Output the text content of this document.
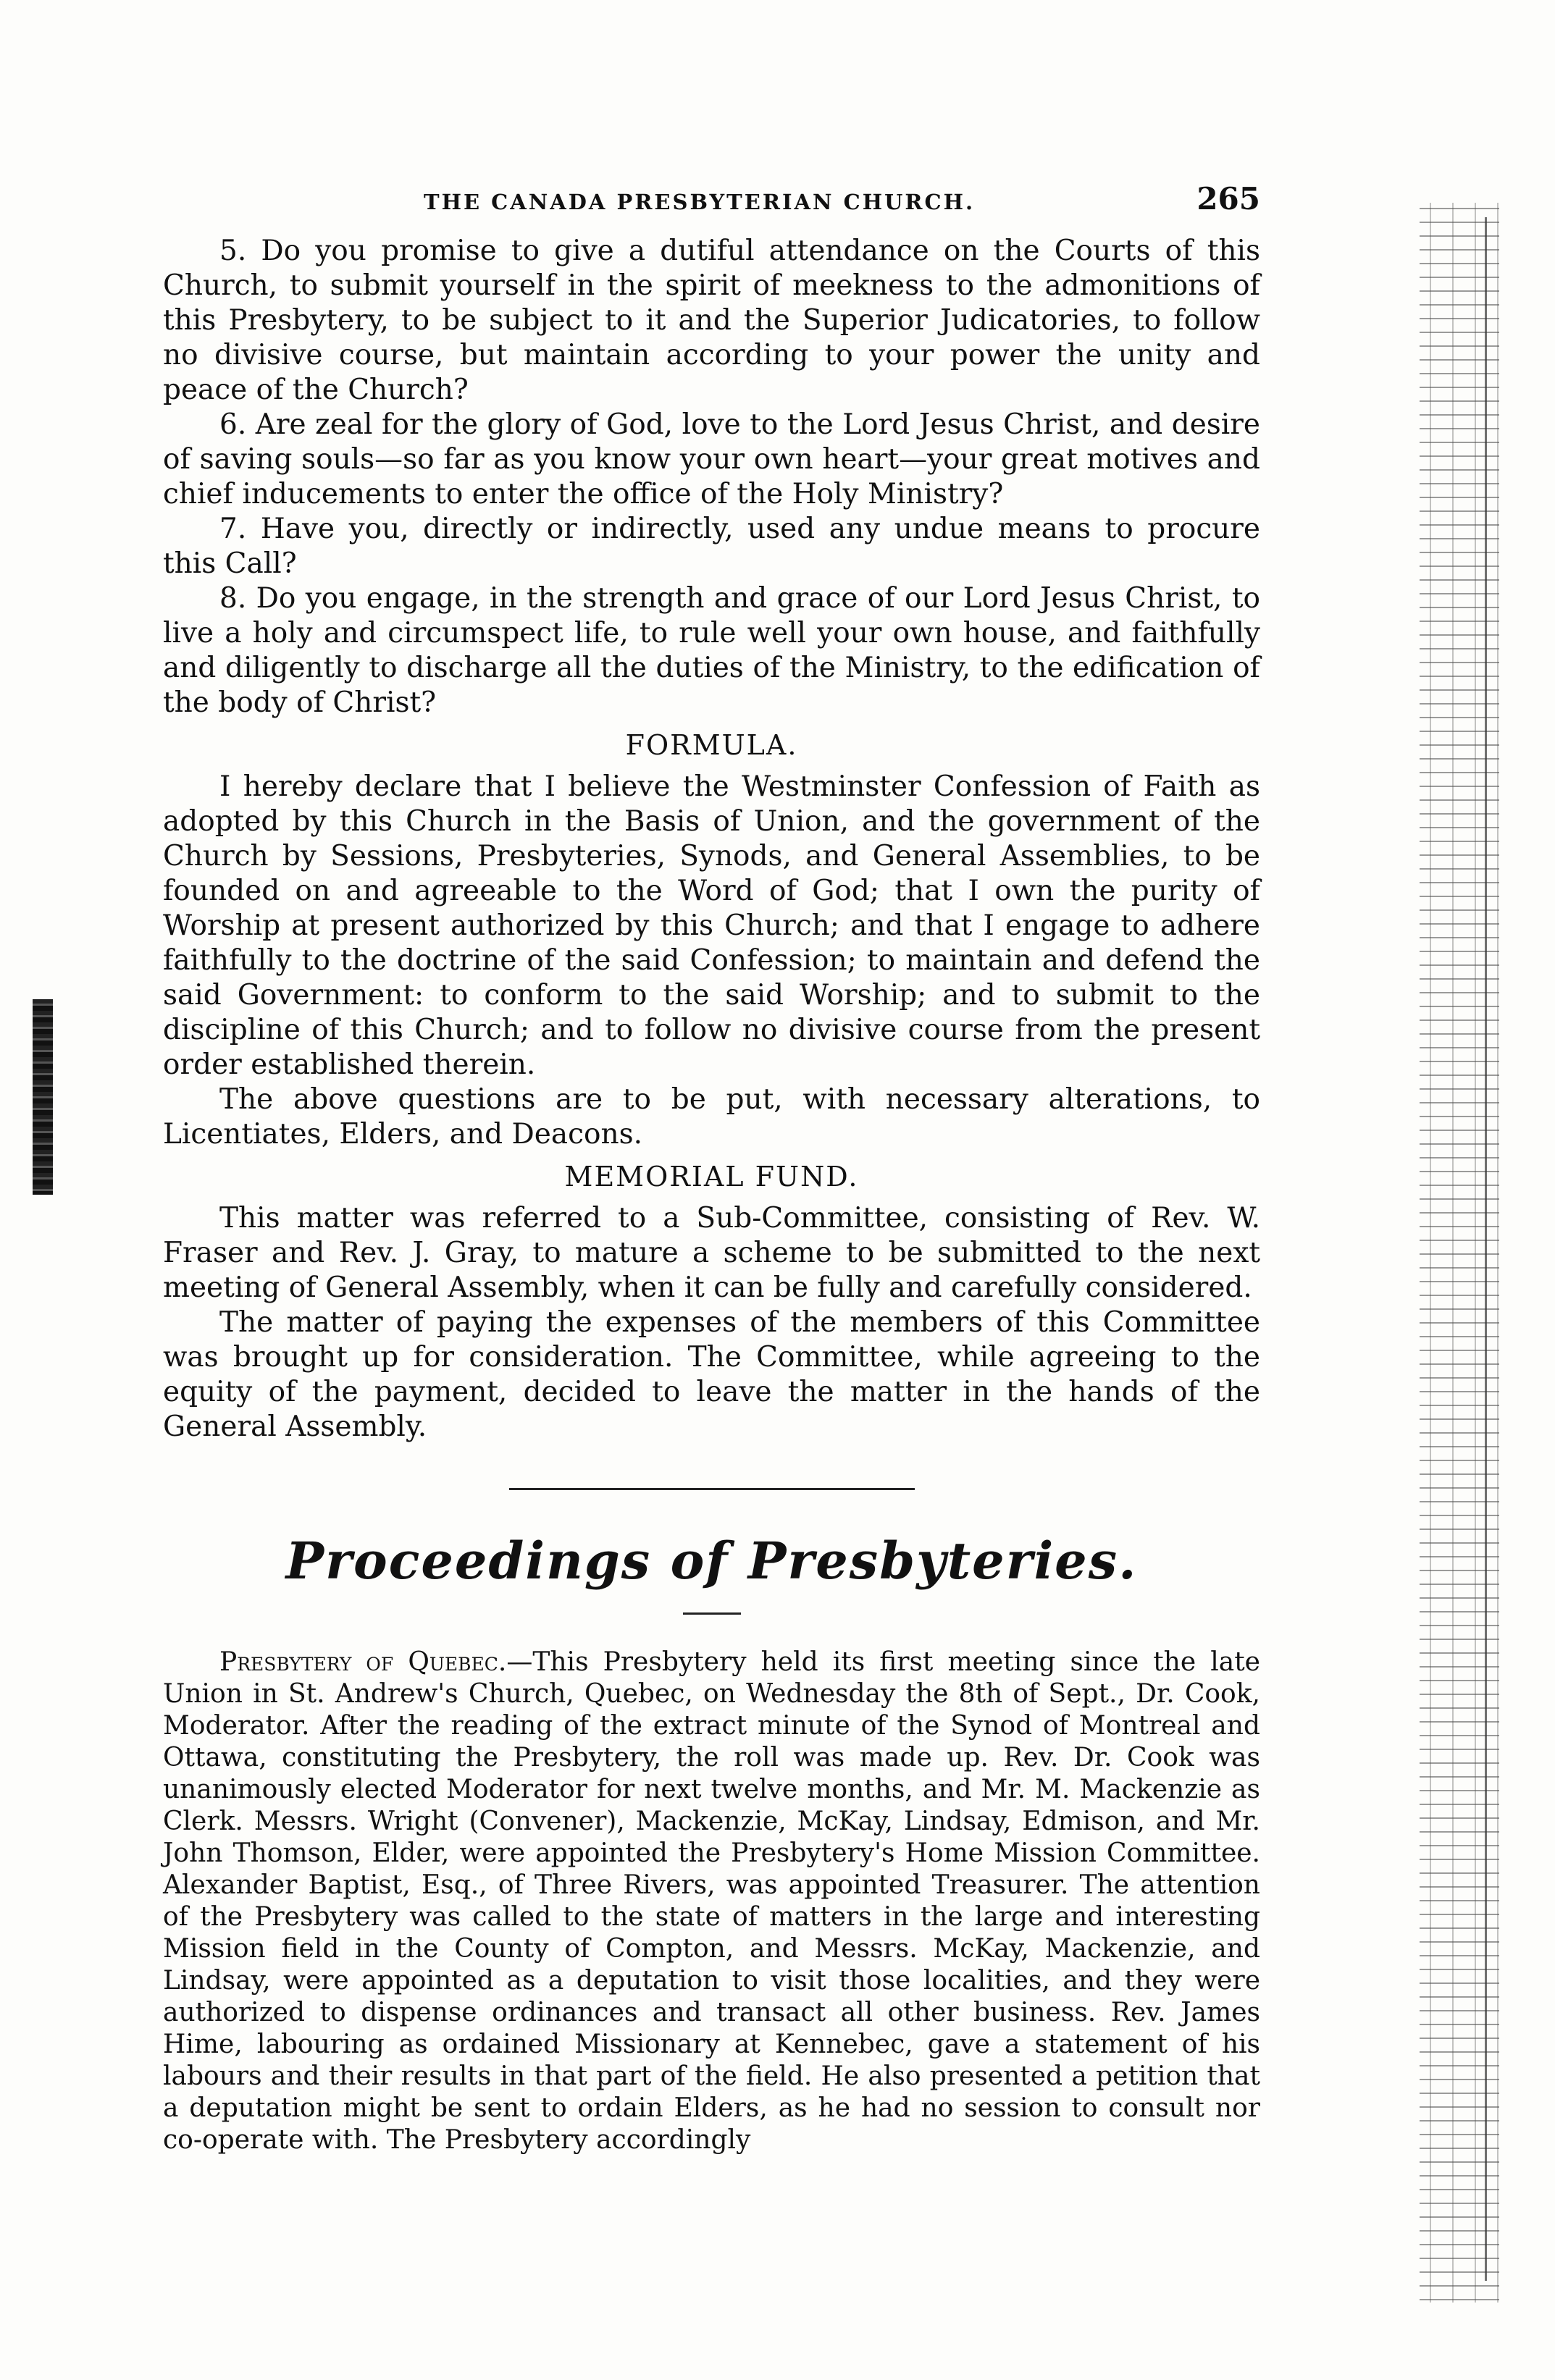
THE CANADA PRESBYTERIAN CHURCH.	265

5. Do you promise to give a dutiful attendance on the Courts of this Church, to submit yourself in the spirit of meekness to the admonitions of this Presbytery, to be subject to it and the Superior Judicatories, to follow no divisive course, but maintain according to your power the unity and peace of the Church?

6. Are zeal for the glory of God, love to the Lord Jesus Christ, and desire of saving souls—so far as you know your own heart—your great motives and chief inducements to enter the office of the Holy Ministry?

7. Have you, directly or indirectly, used any undue means to procure this Call?

8. Do you engage, in the strength and grace of our Lord Jesus Christ, to live a holy and circumspect life, to rule well your own house, and faithfully and diligently to discharge all the duties of the Ministry, to the edification of the body of Christ?

FORMULA.

I hereby declare that I believe the Westminster Confession of Faith as adopted by this Church in the Basis of Union, and the government of the Church by Sessions, Presbyteries, Synods, and General Assemblies, to be founded on and agreeable to the Word of God; that I own the purity of Worship at present authorized by this Church; and that I engage to adhere faithfully to the doctrine of the said Confession; to maintain and defend the said Government: to conform to the said Worship; and to submit to the discipline of this Church; and to follow no divisive course from the present order established therein.

The above questions are to be put, with necessary alterations, to Licentiates, Elders, and Deacons.

MEMORIAL FUND.

This matter was referred to a Sub-Committee, consisting of Rev. W. Fraser and Rev. J. Gray, to mature a scheme to be submitted to the next meeting of General Assembly, when it can be fully and carefully considered.

The matter of paying the expenses of the members of this Committee was brought up for consideration. The Committee, while agreeing to the equity of the payment, decided to leave the matter in the hands of the General Assembly.

Proceedings of Presbyteries.

Presbytery of Quebec.—This Presbytery held its first meeting since the late Union in St. Andrew's Church, Quebec, on Wednesday the 8th of Sept., Dr. Cook, Moderator. After the reading of the extract minute of the Synod of Montreal and Ottawa, constituting the Presbytery, the roll was made up. Rev. Dr. Cook was unanimously elected Moderator for next twelve months, and Mr. M. Mackenzie as Clerk. Messrs. Wright (Convener), Mackenzie, McKay, Lindsay, Edmison, and Mr. John Thomson, Elder, were appointed the Presbytery's Home Mission Committee. Alexander Baptist, Esq., of Three Rivers, was appointed Treasurer. The attention of the Presbytery was called to the state of matters in the large and interesting Mission field in the County of Compton, and Messrs. McKay, Mackenzie, and Lindsay, were appointed as a deputation to visit those localities, and they were authorized to dispense ordinances and transact all other business. Rev. James Hime, labouring as ordained Missionary at Kennebec, gave a statement of his labours and their results in that part of the field. He also presented a petition that a deputation might be sent to ordain Elders, as he had no session to consult nor co-operate with. The Presbytery accordingly
